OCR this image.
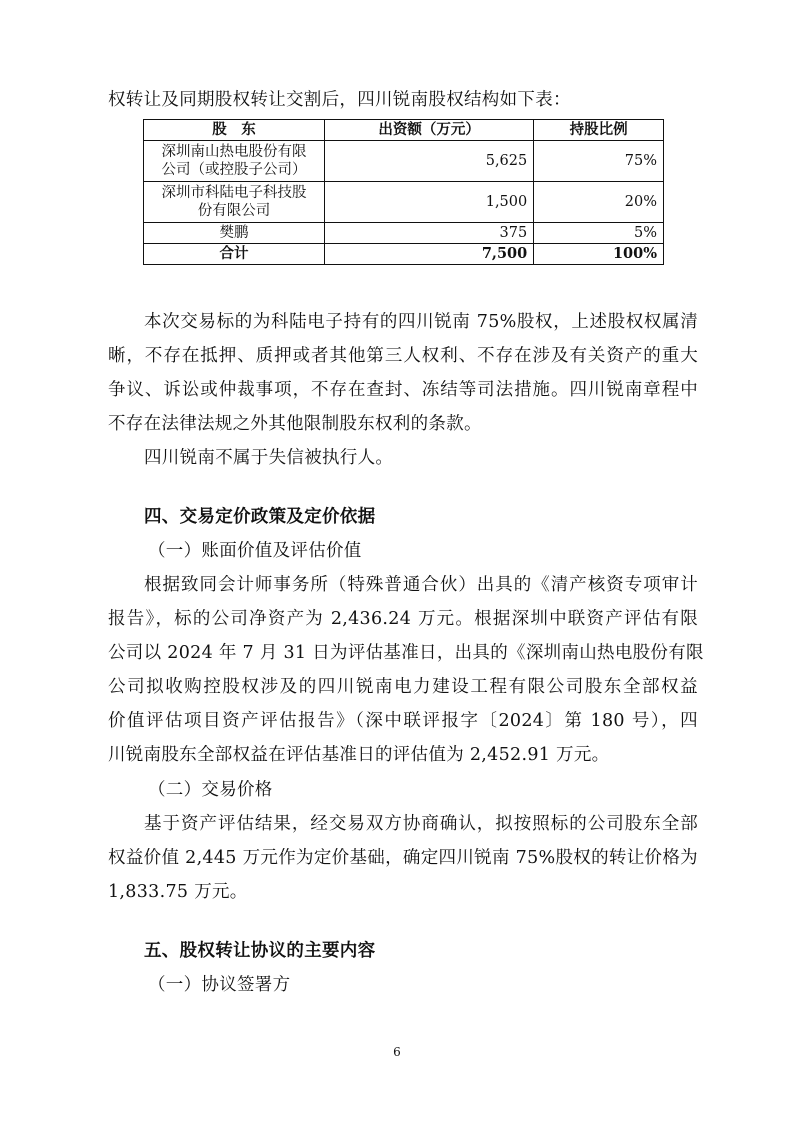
权转让及同期股权转让交割后，四川锐南股权结构如下表：
股　东	出资额（万元）	持股比例

深圳南山热电股份有限
公司（或控股子公司）	5,625	75%

深圳市科陆电子科技股
份有限公司	1,500	20%
樊鹏	375	5%
合计	7,500	100%
本次交易标的为科陆电子持有的四川锐南 75%股权，上述股权权属清
晰，不存在抵押、质押或者其他第三人权利、不存在涉及有关资产的重大
争议、诉讼或仲裁事项，不存在查封、冻结等司法措施。四川锐南章程中
不存在法律法规之外其他限制股东权利的条款。
四川锐南不属于失信被执行人。
四、交易定价政策及定价依据
（一）账面价值及评估价值
根据致同会计师事务所（特殊普通合伙）出具的《清产核资专项审计
报告》，标的公司净资产为 2,436.24 万元。根据深圳中联资产评估有限
公司以 2024 年 7 月 31 日为评估基准日，出具的《深圳南山热电股份有限
公司拟收购控股权涉及的四川锐南电力建设工程有限公司股东全部权益
价值评估项目资产评估报告》（深中联评报字〔2024〕第 180 号），四
川锐南股东全部权益在评估基准日的评估值为 2,452.91 万元。
（二）交易价格
基于资产评估结果，经交易双方协商确认，拟按照标的公司股东全部
权益价值 2,445 万元作为定价基础，确定四川锐南 75%股权的转让价格为
1,833.75 万元。
五、股权转让协议的主要内容
（一）协议签署方
6
